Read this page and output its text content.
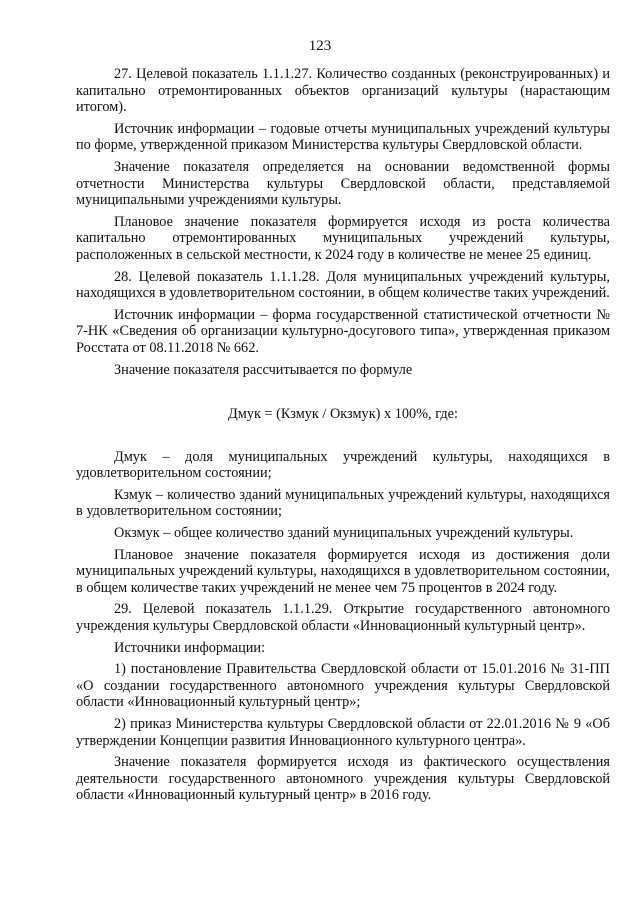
123

27. Целевой показатель 1.1.1.27. Количество созданных (реконструированных) и капитально отремонтированных объектов организаций культуры (нарастающим итогом).

Источник информации – годовые отчеты муниципальных учреждений культуры по форме, утвержденной приказом Министерства культуры Свердловской области.

Значение показателя определяется на основании ведомственной формы отчетности Министерства культуры Свердловской области, представляемой муниципальными учреждениями культуры.

Плановое значение показателя формируется исходя из роста количества капитально отремонтированных муниципальных учреждений культуры, расположенных в сельской местности, к 2024 году в количестве не менее 25 единиц.

28. Целевой показатель 1.1.1.28. Доля муниципальных учреждений культуры, находящихся в удовлетворительном состоянии, в общем количестве таких учреждений.

Источник информации – форма государственной статистической отчетности № 7-НК «Сведения об организации культурно-досугового типа», утвержденная приказом Росстата от 08.11.2018 № 662.

Значение показателя рассчитывается по формуле

Дмук = (Кзмук / Окзмук) x 100%, где:

Дмук – доля муниципальных учреждений культуры, находящихся в удовлетворительном состоянии;

Кзмук – количество зданий муниципальных учреждений культуры, находящихся в удовлетворительном состоянии;

Окзмук – общее количество зданий муниципальных учреждений культуры.

Плановое значение показателя формируется исходя из достижения доли муниципальных учреждений культуры, находящихся в удовлетворительном состоянии, в общем количестве таких учреждений не менее чем 75 процентов в 2024 году.

29. Целевой показатель 1.1.1.29. Открытие государственного автономного учреждения культуры Свердловской области «Инновационный культурный центр».

Источники информации:

1) постановление Правительства Свердловской области от 15.01.2016 № 31-ПП «О создании государственного автономного учреждения культуры Свердловской области «Инновационный культурный центр»;

2) приказ Министерства культуры Свердловской области от 22.01.2016 № 9 «Об утверждении Концепции развития Инновационного культурного центра».

Значение показателя формируется исходя из фактического осуществления деятельности государственного автономного учреждения культуры Свердловской области «Инновационный культурный центр» в 2016 году.
